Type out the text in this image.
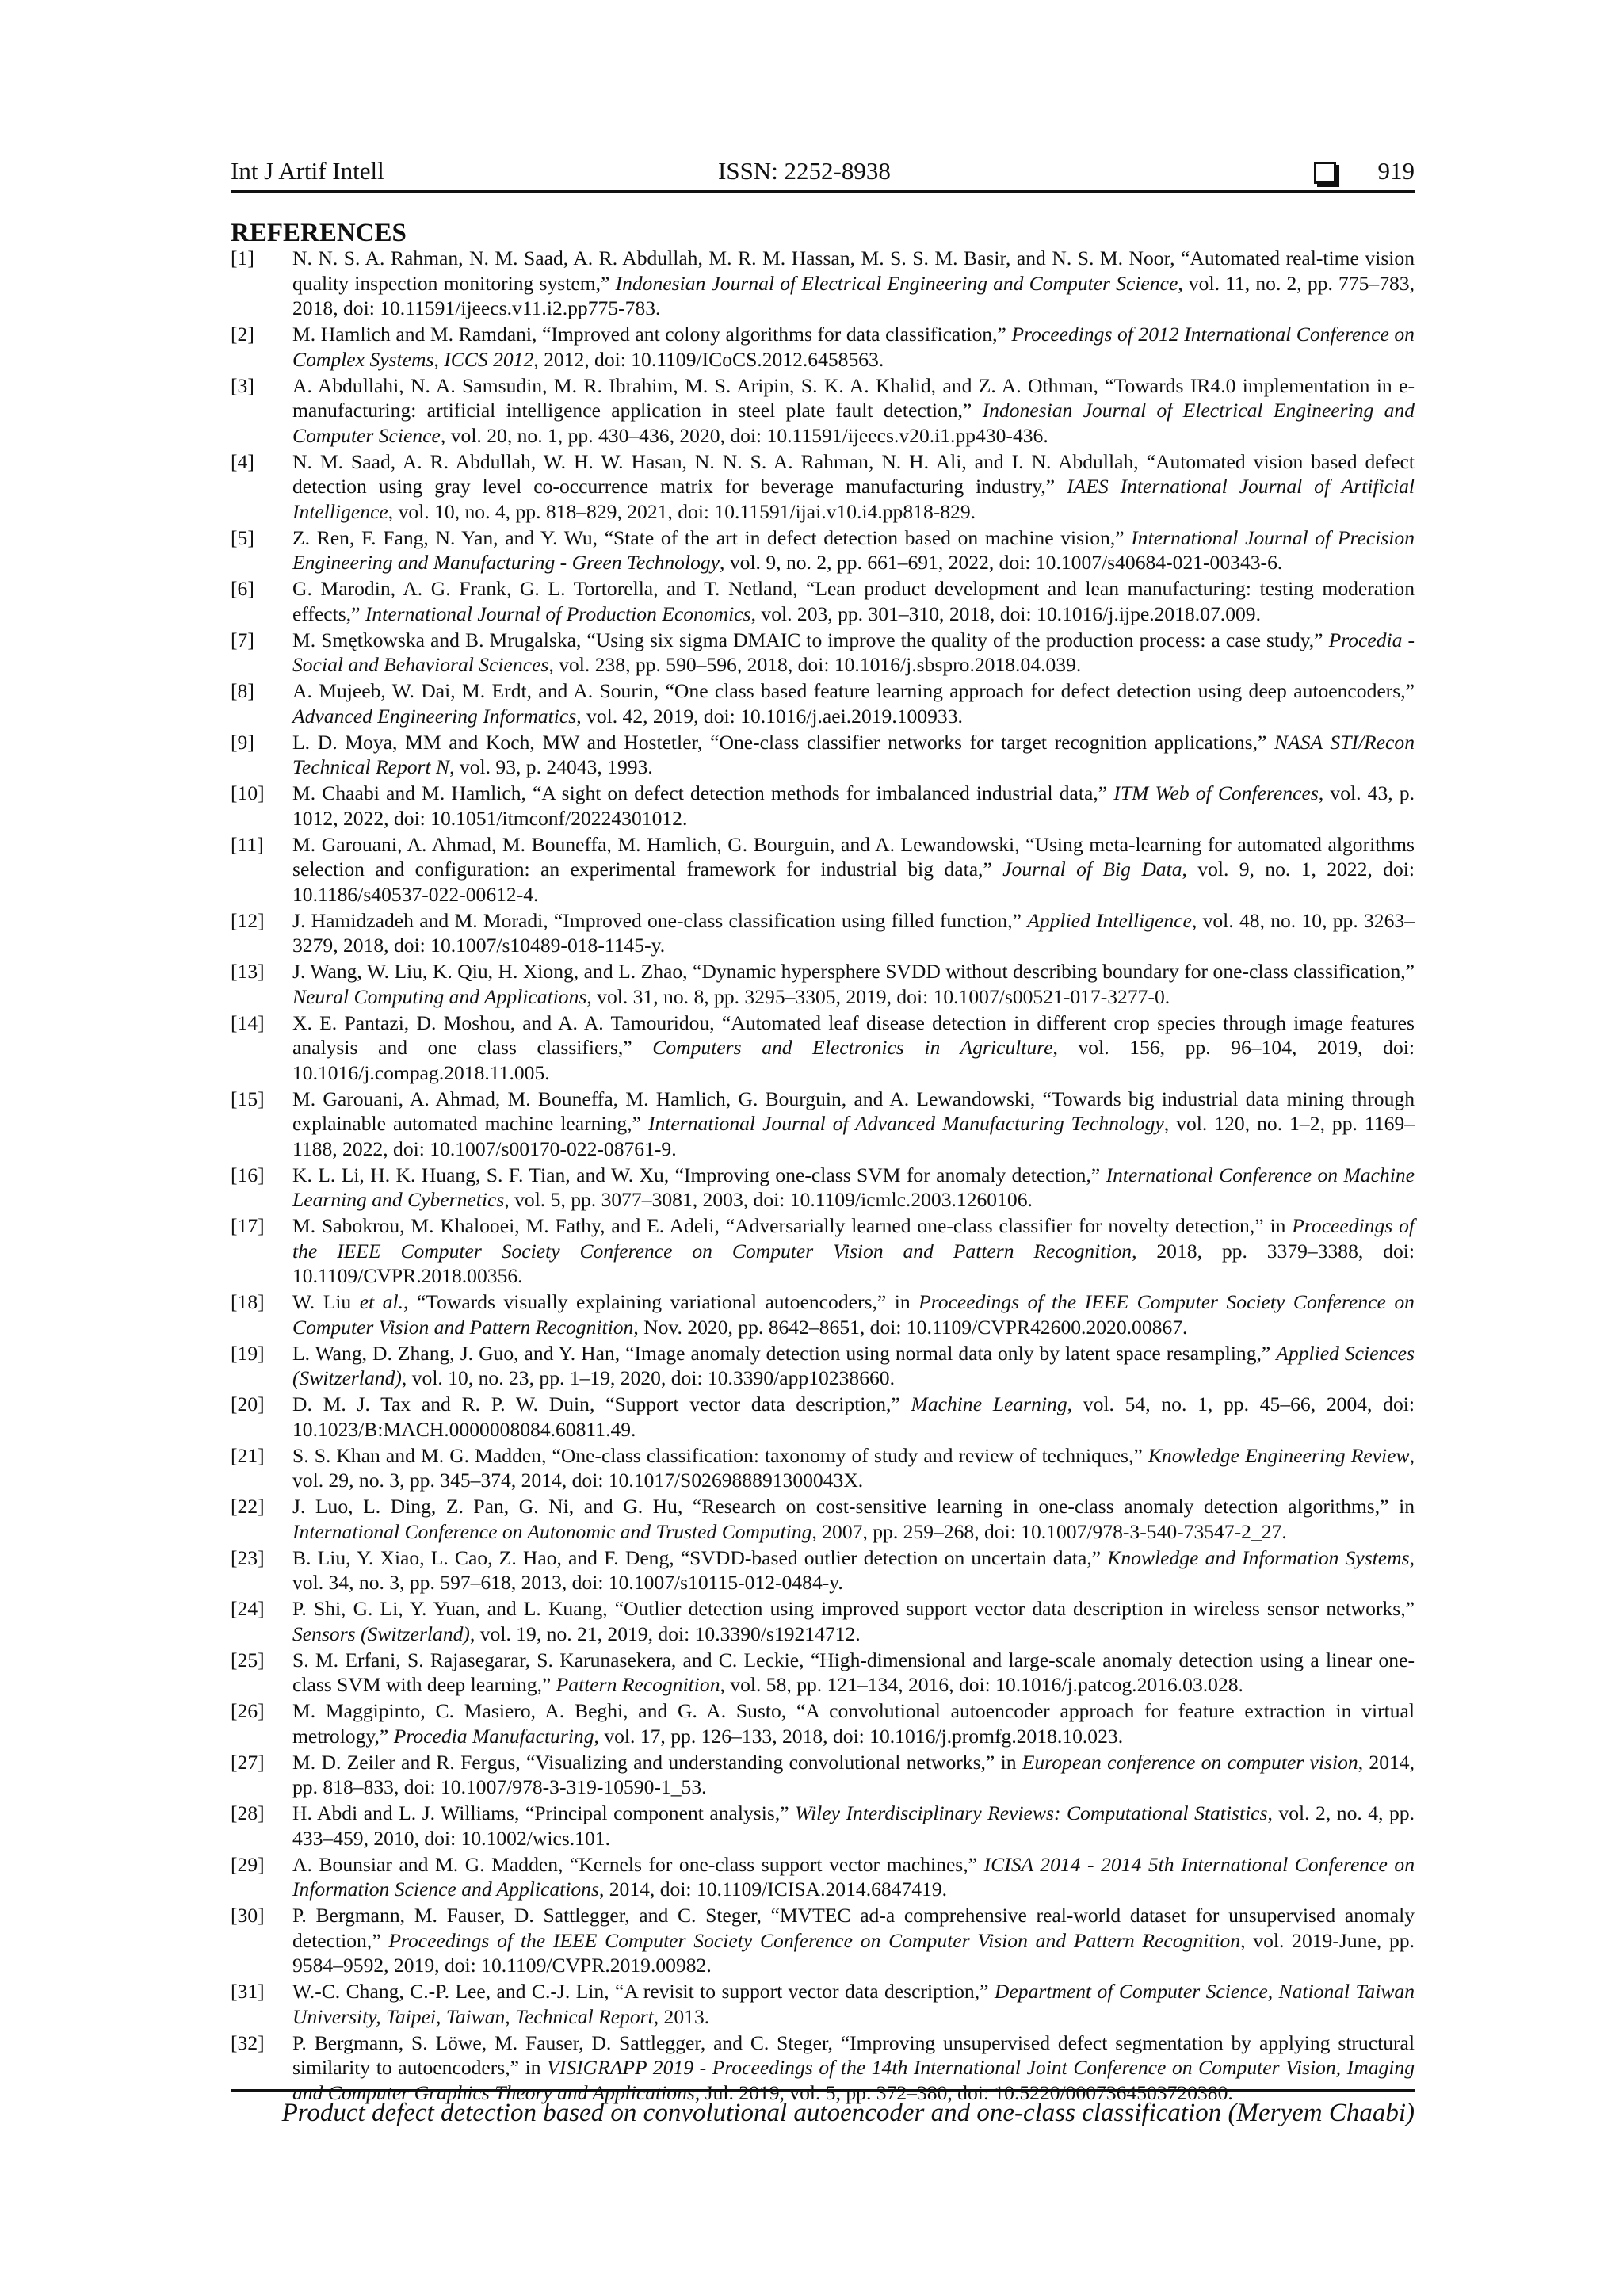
Int J Artif Intell	ISSN: 2252-8938	919
REFERENCES
[1]	N. N. S. A. Rahman, N. M. Saad, A. R. Abdullah, M. R. M. Hassan, M. S. S. M. Basir, and N. S. M. Noor, “Automated real-time vision quality inspection monitoring system,” Indonesian Journal of Electrical Engineering and Computer Science, vol. 11, no. 2, pp. 775–783, 2018, doi: 10.11591/ijeecs.v11.i2.pp775-783.
[2]	M. Hamlich and M. Ramdani, “Improved ant colony algorithms for data classification,” Proceedings of 2012 International Conference on Complex Systems, ICCS 2012, 2012, doi: 10.1109/ICoCS.2012.6458563.
[3]	A. Abdullahi, N. A. Samsudin, M. R. Ibrahim, M. S. Aripin, S. K. A. Khalid, and Z. A. Othman, “Towards IR4.0 implementation in e-manufacturing: artificial intelligence application in steel plate fault detection,” Indonesian Journal of Electrical Engineering and Computer Science, vol. 20, no. 1, pp. 430–436, 2020, doi: 10.11591/ijeecs.v20.i1.pp430-436.
[4]	N. M. Saad, A. R. Abdullah, W. H. W. Hasan, N. N. S. A. Rahman, N. H. Ali, and I. N. Abdullah, “Automated vision based defect detection using gray level co-occurrence matrix for beverage manufacturing industry,” IAES International Journal of Artificial Intelligence, vol. 10, no. 4, pp. 818–829, 2021, doi: 10.11591/ijai.v10.i4.pp818-829.
[5]	Z. Ren, F. Fang, N. Yan, and Y. Wu, “State of the art in defect detection based on machine vision,” International Journal of Precision Engineering and Manufacturing - Green Technology, vol. 9, no. 2, pp. 661–691, 2022, doi: 10.1007/s40684-021-00343-6.
[6]	G. Marodin, A. G. Frank, G. L. Tortorella, and T. Netland, “Lean product development and lean manufacturing: testing moderation effects,” International Journal of Production Economics, vol. 203, pp. 301–310, 2018, doi: 10.1016/j.ijpe.2018.07.009.
[7]	M. Smętkowska and B. Mrugalska, “Using six sigma DMAIC to improve the quality of the production process: a case study,” Procedia - Social and Behavioral Sciences, vol. 238, pp. 590–596, 2018, doi: 10.1016/j.sbspro.2018.04.039.
[8]	A. Mujeeb, W. Dai, M. Erdt, and A. Sourin, “One class based feature learning approach for defect detection using deep autoencoders,” Advanced Engineering Informatics, vol. 42, 2019, doi: 10.1016/j.aei.2019.100933.
[9]	L. D. Moya, MM and Koch, MW and Hostetler, “One-class classifier networks for target recognition applications,” NASA STI/Recon Technical Report N, vol. 93, p. 24043, 1993.
[10]	M. Chaabi and M. Hamlich, “A sight on defect detection methods for imbalanced industrial data,” ITM Web of Conferences, vol. 43, p. 1012, 2022, doi: 10.1051/itmconf/20224301012.
[11]	M. Garouani, A. Ahmad, M. Bouneffa, M. Hamlich, G. Bourguin, and A. Lewandowski, “Using meta-learning for automated algorithms selection and configuration: an experimental framework for industrial big data,” Journal of Big Data, vol. 9, no. 1, 2022, doi: 10.1186/s40537-022-00612-4.
[12]	J. Hamidzadeh and M. Moradi, “Improved one-class classification using filled function,” Applied Intelligence, vol. 48, no. 10, pp. 3263–3279, 2018, doi: 10.1007/s10489-018-1145-y.
[13]	J. Wang, W. Liu, K. Qiu, H. Xiong, and L. Zhao, “Dynamic hypersphere SVDD without describing boundary for one-class classification,” Neural Computing and Applications, vol. 31, no. 8, pp. 3295–3305, 2019, doi: 10.1007/s00521-017-3277-0.
[14]	X. E. Pantazi, D. Moshou, and A. A. Tamouridou, “Automated leaf disease detection in different crop species through image features analysis and one class classifiers,” Computers and Electronics in Agriculture, vol. 156, pp. 96–104, 2019, doi: 10.1016/j.compag.2018.11.005.
[15]	M. Garouani, A. Ahmad, M. Bouneffa, M. Hamlich, G. Bourguin, and A. Lewandowski, “Towards big industrial data mining through explainable automated machine learning,” International Journal of Advanced Manufacturing Technology, vol. 120, no. 1–2, pp. 1169–1188, 2022, doi: 10.1007/s00170-022-08761-9.
[16]	K. L. Li, H. K. Huang, S. F. Tian, and W. Xu, “Improving one-class SVM for anomaly detection,” International Conference on Machine Learning and Cybernetics, vol. 5, pp. 3077–3081, 2003, doi: 10.1109/icmlc.2003.1260106.
[17]	M. Sabokrou, M. Khalooei, M. Fathy, and E. Adeli, “Adversarially learned one-class classifier for novelty detection,” in Proceedings of the IEEE Computer Society Conference on Computer Vision and Pattern Recognition, 2018, pp. 3379–3388, doi: 10.1109/CVPR.2018.00356.
[18]	W. Liu et al., “Towards visually explaining variational autoencoders,” in Proceedings of the IEEE Computer Society Conference on Computer Vision and Pattern Recognition, Nov. 2020, pp. 8642–8651, doi: 10.1109/CVPR42600.2020.00867.
[19]	L. Wang, D. Zhang, J. Guo, and Y. Han, “Image anomaly detection using normal data only by latent space resampling,” Applied Sciences (Switzerland), vol. 10, no. 23, pp. 1–19, 2020, doi: 10.3390/app10238660.
[20]	D. M. J. Tax and R. P. W. Duin, “Support vector data description,” Machine Learning, vol. 54, no. 1, pp. 45–66, 2004, doi: 10.1023/B:MACH.0000008084.60811.49.
[21]	S. S. Khan and M. G. Madden, “One-class classification: taxonomy of study and review of techniques,” Knowledge Engineering Review, vol. 29, no. 3, pp. 345–374, 2014, doi: 10.1017/S026988891300043X.
[22]	J. Luo, L. Ding, Z. Pan, G. Ni, and G. Hu, “Research on cost-sensitive learning in one-class anomaly detection algorithms,” in International Conference on Autonomic and Trusted Computing, 2007, pp. 259–268, doi: 10.1007/978-3-540-73547-2_27.
[23]	B. Liu, Y. Xiao, L. Cao, Z. Hao, and F. Deng, “SVDD-based outlier detection on uncertain data,” Knowledge and Information Systems, vol. 34, no. 3, pp. 597–618, 2013, doi: 10.1007/s10115-012-0484-y.
[24]	P. Shi, G. Li, Y. Yuan, and L. Kuang, “Outlier detection using improved support vector data description in wireless sensor networks,” Sensors (Switzerland), vol. 19, no. 21, 2019, doi: 10.3390/s19214712.
[25]	S. M. Erfani, S. Rajasegarar, S. Karunasekera, and C. Leckie, “High-dimensional and large-scale anomaly detection using a linear one-class SVM with deep learning,” Pattern Recognition, vol. 58, pp. 121–134, 2016, doi: 10.1016/j.patcog.2016.03.028.
[26]	M. Maggipinto, C. Masiero, A. Beghi, and G. A. Susto, “A convolutional autoencoder approach for feature extraction in virtual metrology,” Procedia Manufacturing, vol. 17, pp. 126–133, 2018, doi: 10.1016/j.promfg.2018.10.023.
[27]	M. D. Zeiler and R. Fergus, “Visualizing and understanding convolutional networks,” in European conference on computer vision, 2014, pp. 818–833, doi: 10.1007/978-3-319-10590-1_53.
[28]	H. Abdi and L. J. Williams, “Principal component analysis,” Wiley Interdisciplinary Reviews: Computational Statistics, vol. 2, no. 4, pp. 433–459, 2010, doi: 10.1002/wics.101.
[29]	A. Bounsiar and M. G. Madden, “Kernels for one-class support vector machines,” ICISA 2014 - 2014 5th International Conference on Information Science and Applications, 2014, doi: 10.1109/ICISA.2014.6847419.
[30]	P. Bergmann, M. Fauser, D. Sattlegger, and C. Steger, “MVTEC ad-a comprehensive real-world dataset for unsupervised anomaly detection,” Proceedings of the IEEE Computer Society Conference on Computer Vision and Pattern Recognition, vol. 2019-June, pp. 9584–9592, 2019, doi: 10.1109/CVPR.2019.00982.
[31]	W.-C. Chang, C.-P. Lee, and C.-J. Lin, “A revisit to support vector data description,” Department of Computer Science, National Taiwan University, Taipei, Taiwan, Technical Report, 2013.
[32]	P. Bergmann, S. Löwe, M. Fauser, D. Sattlegger, and C. Steger, “Improving unsupervised defect segmentation by applying structural similarity to autoencoders,” in VISIGRAPP 2019 - Proceedings of the 14th International Joint Conference on Computer Vision, Imaging and Computer Graphics Theory and Applications, Jul. 2019, vol. 5, pp. 372–380, doi: 10.5220/0007364503720380.
Product defect detection based on convolutional autoencoder and one-class classification (Meryem Chaabi)
